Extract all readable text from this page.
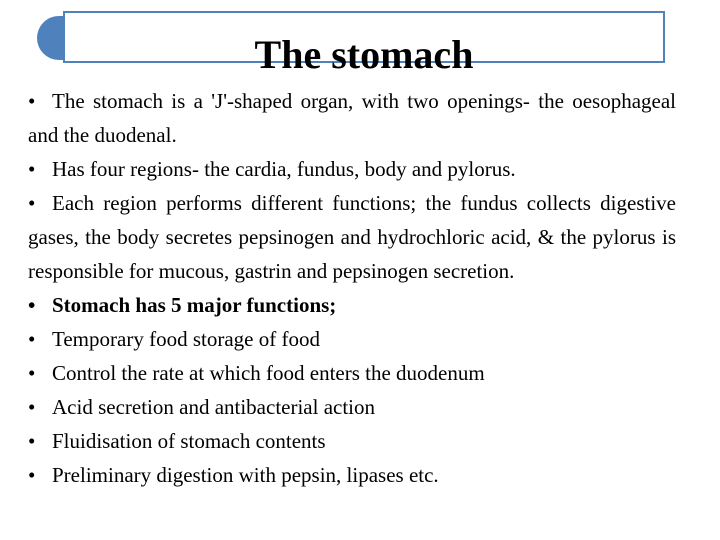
The stomach

• The stomach is a 'J'-shaped organ, with two openings- the oesophageal and the duodenal.

• Has four regions- the cardia, fundus, body and pylorus.

• Each region performs different functions; the fundus collects digestive gases, the body secretes pepsinogen and hydrochloric acid, & the pylorus is responsible for mucous, gastrin and pepsinogen secretion.

• Stomach has 5 major functions;
• Temporary food storage of food
• Control the rate at which food enters the duodenum
• Acid secretion and antibacterial action
• Fluidisation of stomach contents
• Preliminary digestion with pepsin, lipases etc.
